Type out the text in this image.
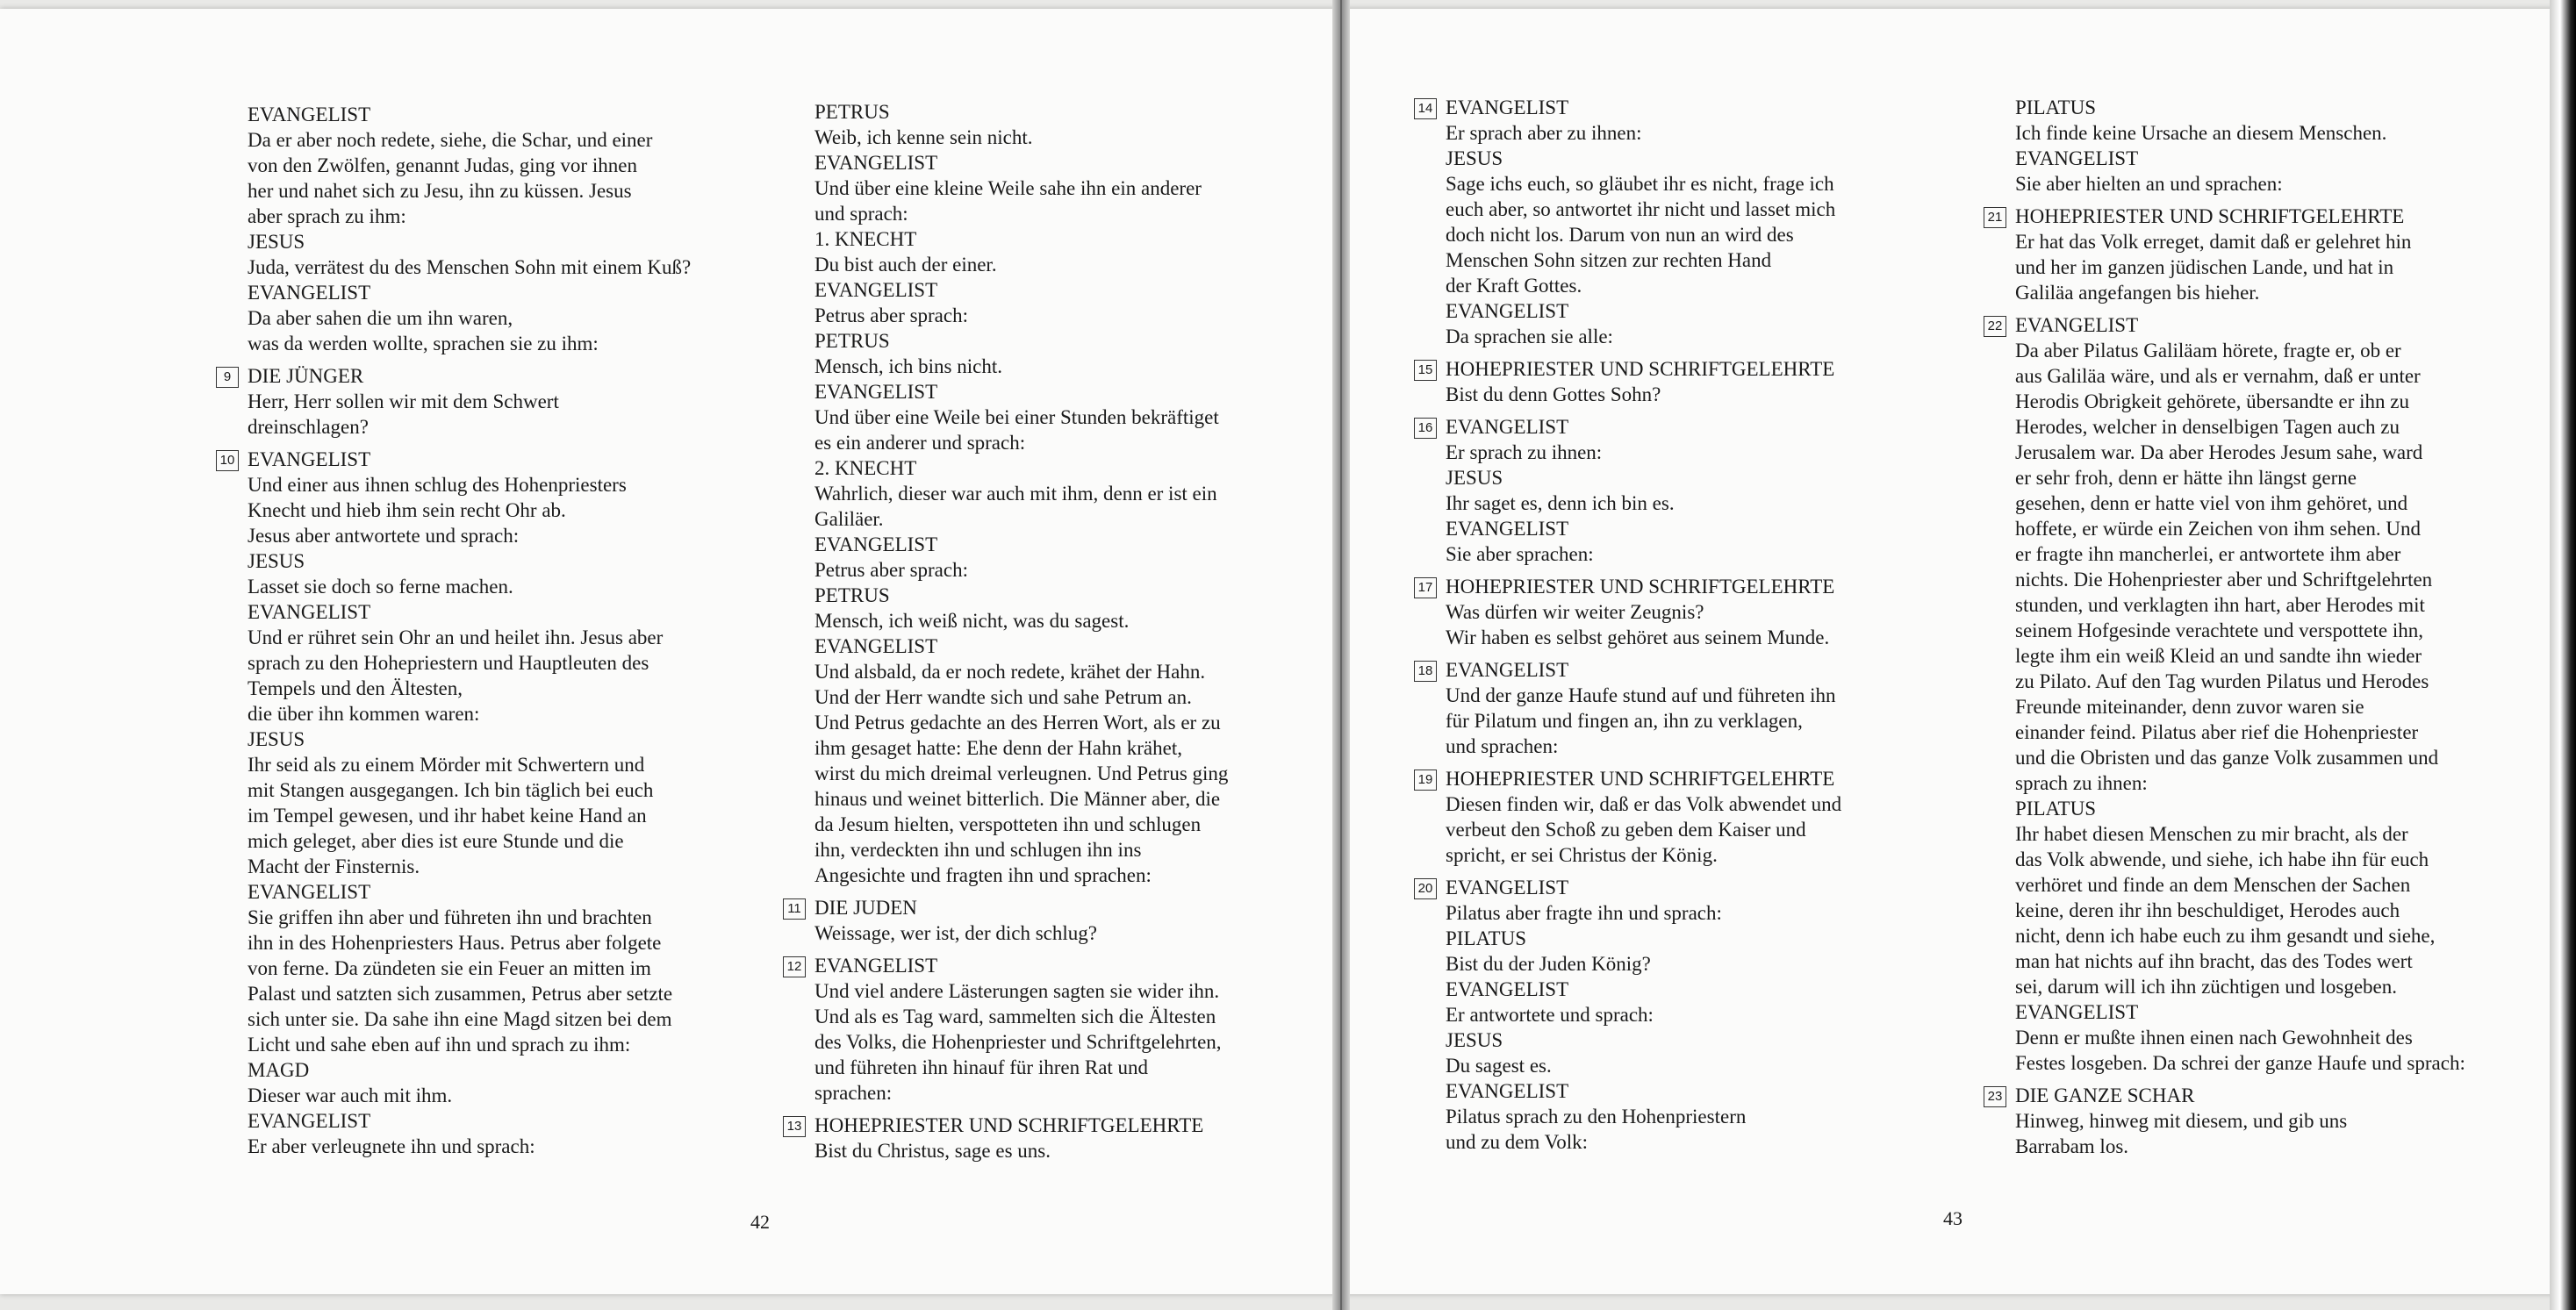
EVANGELIST
Da er aber noch redete, siehe, die Schar, und einer
von den Zwölfen, genannt Judas, ging vor ihnen
her und nahet sich zu Jesu, ihn zu küssen. Jesus
aber sprach zu ihm:
JESUS
Juda, verrätest du des Menschen Sohn mit einem Kuß?
EVANGELIST
Da aber sahen die um ihn waren,
was da werden wollte, sprachen sie zu ihm:
9 DIE JÜNGER
Herr, Herr sollen wir mit dem Schwert
dreinschlagen?
10 EVANGELIST
Und einer aus ihnen schlug des Hohenpriesters
Knecht und hieb ihm sein recht Ohr ab.
Jesus aber antwortete und sprach:
JESUS
Lasset sie doch so ferne machen.
EVANGELIST
Und er rühret sein Ohr an und heilet ihn. Jesus aber
sprach zu den Hohepriestern und Hauptleuten des
Tempels und den Ältesten,
die über ihn kommen waren:
JESUS
Ihr seid als zu einem Mörder mit Schwertern und
mit Stangen ausgegangen. Ich bin täglich bei euch
im Tempel gewesen, und ihr habet keine Hand an
mich geleget, aber dies ist eure Stunde und die
Macht der Finsternis.
EVANGELIST
Sie griffen ihn aber und führeten ihn und brachten
ihn in des Hohenpriesters Haus. Petrus aber folgete
von ferne. Da zündeten sie ein Feuer an mitten im
Palast und satzten sich zusammen, Petrus aber setzte
sich unter sie. Da sahe ihn eine Magd sitzen bei dem
Licht und sahe eben auf ihn und sprach zu ihm:
MAGD
Dieser war auch mit ihm.
EVANGELIST
Er aber verleugnete ihn und sprach:
PETRUS
Weib, ich kenne sein nicht.
EVANGELIST
Und über eine kleine Weile sahe ihn ein anderer
und sprach:
1. KNECHT
Du bist auch der einer.
EVANGELIST
Petrus aber sprach:
PETRUS
Mensch, ich bins nicht.
EVANGELIST
Und über eine Weile bei einer Stunden bekräftiget
es ein anderer und sprach:
2. KNECHT
Wahrlich, dieser war auch mit ihm, denn er ist ein
Galiläer.
EVANGELIST
Petrus aber sprach:
PETRUS
Mensch, ich weiß nicht, was du sagest.
EVANGELIST
Und alsbald, da er noch redete, krähet der Hahn.
Und der Herr wandte sich und sahe Petrum an.
Und Petrus gedachte an des Herren Wort, als er zu
ihm gesaget hatte: Ehe denn der Hahn krähet,
wirst du mich dreimal verleugnen. Und Petrus ging
hinaus und weinet bitterlich. Die Männer aber, die
da Jesum hielten, verspotteten ihn und schlugen
ihn, verdeckten ihn und schlugen ihn ins
Angesichte und fragten ihn und sprachen:
11 DIE JUDEN
Weissage, wer ist, der dich schlug?
12 EVANGELIST
Und viel andere Lästerungen sagten sie wider ihn.
Und als es Tag ward, sammelten sich die Ältesten
des Volks, die Hohenpriester und Schriftgelehrten,
und führeten ihn hinauf für ihren Rat und
sprachen:
13 HOHEPRIESTER UND SCHRIFTGELEHRTE
Bist du Christus, sage es uns.
14 EVANGELIST
Er sprach aber zu ihnen:
JESUS
Sage ichs euch, so gläubet ihr es nicht, frage ich
euch aber, so antwortet ihr nicht und lasset mich
doch nicht los. Darum von nun an wird des
Menschen Sohn sitzen zur rechten Hand
der Kraft Gottes.
EVANGELIST
Da sprachen sie alle:
15 HOHEPRIESTER UND SCHRIFTGELEHRTE
Bist du denn Gottes Sohn?
16 EVANGELIST
Er sprach zu ihnen:
JESUS
Ihr saget es, denn ich bin es.
EVANGELIST
Sie aber sprachen:
17 HOHEPRIESTER UND SCHRIFTGELEHRTE
Was dürfen wir weiter Zeugnis?
Wir haben es selbst gehöret aus seinem Munde.
18 EVANGELIST
Und der ganze Haufe stund auf und führeten ihn
für Pilatum und fingen an, ihn zu verklagen,
und sprachen:
19 HOHEPRIESTER UND SCHRIFTGELEHRTE
Diesen finden wir, daß er das Volk abwendet und
verbeut den Schoß zu geben dem Kaiser und
spricht, er sei Christus der König.
20 EVANGELIST
Pilatus aber fragte ihn und sprach:
PILATUS
Bist du der Juden König?
EVANGELIST
Er antwortete und sprach:
JESUS
Du sagest es.
EVANGELIST
Pilatus sprach zu den Hohenpriestern
und zu dem Volk:
PILATUS
Ich finde keine Ursache an diesem Menschen.
EVANGELIST
Sie aber hielten an und sprachen:
21 HOHEPRIESTER UND SCHRIFTGELEHRTE
Er hat das Volk erreget, damit daß er gelehret hin
und her im ganzen jüdischen Lande, und hat in
Galiläa angefangen bis hieher.
22 EVANGELIST
Da aber Pilatus Galiläam hörete, fragte er, ob er
aus Galiläa wäre, und als er vernahm, daß er unter
Herodis Obrigkeit gehörete, übersandte er ihn zu
Herodes, welcher in denselbigen Tagen auch zu
Jerusalem war. Da aber Herodes Jesum sahe, ward
er sehr froh, denn er hätte ihn längst gerne
gesehen, denn er hatte viel von ihm gehöret, und
hoffete, er würde ein Zeichen von ihm sehen. Und
er fragte ihn mancherlei, er antwortete ihm aber
nichts. Die Hohenpriester aber und Schriftgelehrten
stunden, und verklagten ihn hart, aber Herodes mit
seinem Hofgesinde verachtete und verspottete ihn,
legte ihm ein weiß Kleid an und sandte ihn wieder
zu Pilato. Auf den Tag wurden Pilatus und Herodes
Freunde miteinander, denn zuvor waren sie
einander feind. Pilatus aber rief die Hohenpriester
und die Obristen und das ganze Volk zusammen und
sprach zu ihnen:
PILATUS
Ihr habet diesen Menschen zu mir bracht, als der
das Volk abwende, und siehe, ich habe ihn für euch
verhöret und finde an dem Menschen der Sachen
keine, deren ihr ihn beschuldiget, Herodes auch
nicht, denn ich habe euch zu ihm gesandt und siehe,
man hat nichts auf ihn bracht, das des Todes wert
sei, darum will ich ihn züchtigen und losgeben.
EVANGELIST
Denn er mußte ihnen einen nach Gewohnheit des
Festes losgeben. Da schrei der ganze Haufe und sprach:
23 DIE GANZE SCHAR
Hinweg, hinweg mit diesem, und gib uns
Barrabam los.
42	43
